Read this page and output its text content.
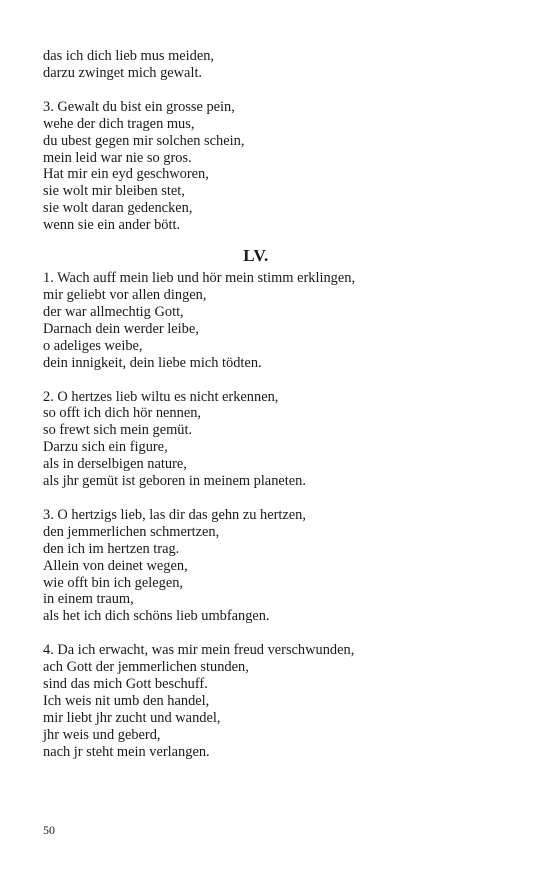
das ich dich lieb mus meiden,
darzu zwinget mich gewalt.
3. Gewalt du bist ein grosse pein,
wehe der dich tragen mus,
du ubest gegen mir solchen schein,
mein leid war nie so gros.
Hat mir ein eyd geschworen,
sie wolt mir bleiben stet,
sie wolt daran gedencken,
wenn sie ein ander bött.
LV.
1. Wach auff mein lieb und hör mein stimm erklingen,
mir geliebt vor allen dingen,
der war allmechtig Gott,
Darnach dein werder leibe,
o adeliges weibe,
dein innigkeit, dein liebe mich tödten.
2. O hertzes lieb wiltu es nicht erkennen,
so offt ich dich hör nennen,
so frewt sich mein gemüt.
Darzu sich ein figure,
als in derselbigen nature,
als jhr gemüt ist geboren in meinem planeten.
3. O hertzigs lieb, las dir das gehn zu hertzen,
den jemmerlichen schmertzen,
den ich im hertzen trag.
Allein von deinet wegen,
wie offt bin ich gelegen,
in einem traum,
als het ich dich schöns lieb umbfangen.
4. Da ich erwacht, was mir mein freud verschwunden,
ach Gott der jemmerlichen stunden,
sind das mich Gott beschuff.
Ich weis nit umb den handel,
mir liebt jhr zucht und wandel,
jhr weis und geberd,
nach jr steht mein verlangen.
50
